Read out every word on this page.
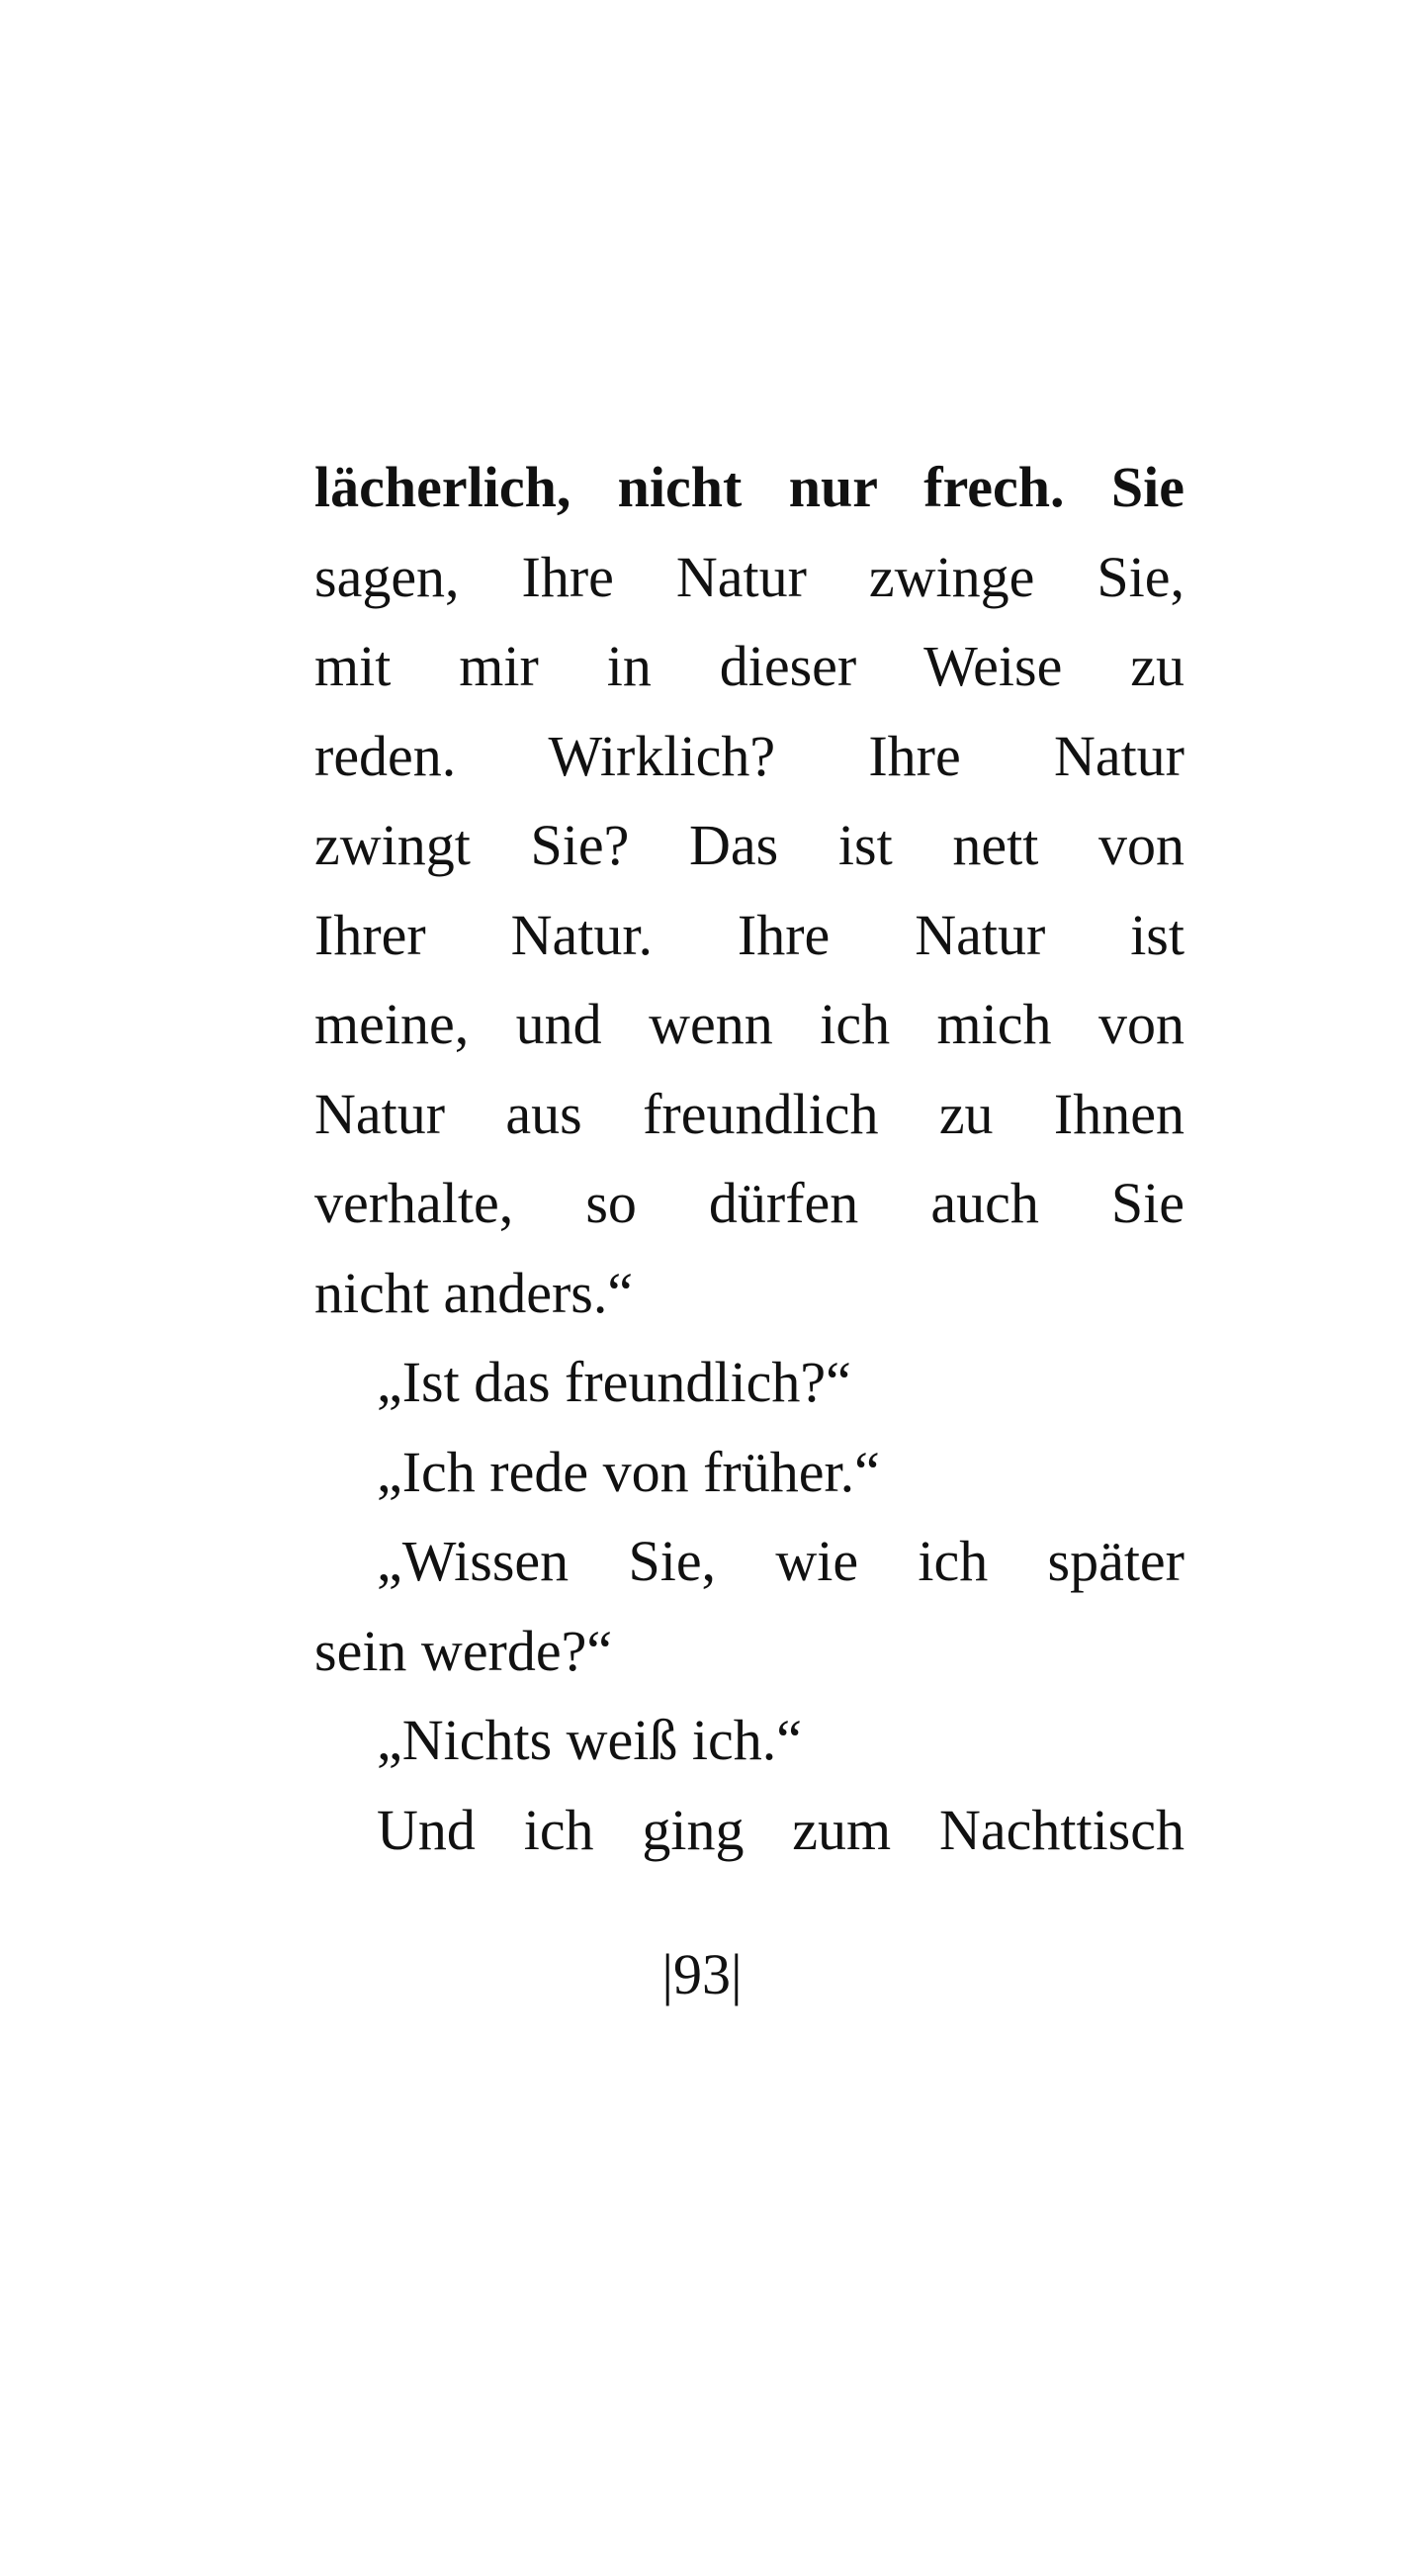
lächerlich, nicht nur frech. Sie
sagen, Ihre Natur zwinge Sie,
mit mir in dieser Weise zu
reden. Wirklich? Ihre Natur
zwingt Sie? Das ist nett von
Ihrer Natur. Ihre Natur ist
meine, und wenn ich mich von
Natur aus freundlich zu Ihnen
verhalte, so dürfen auch Sie
nicht anders.“
„Ist das freundlich?“
„Ich rede von früher.“
„Wissen Sie, wie ich später
sein werde?“
„Nichts weiß ich.“
Und ich ging zum Nachttisch
|93|
